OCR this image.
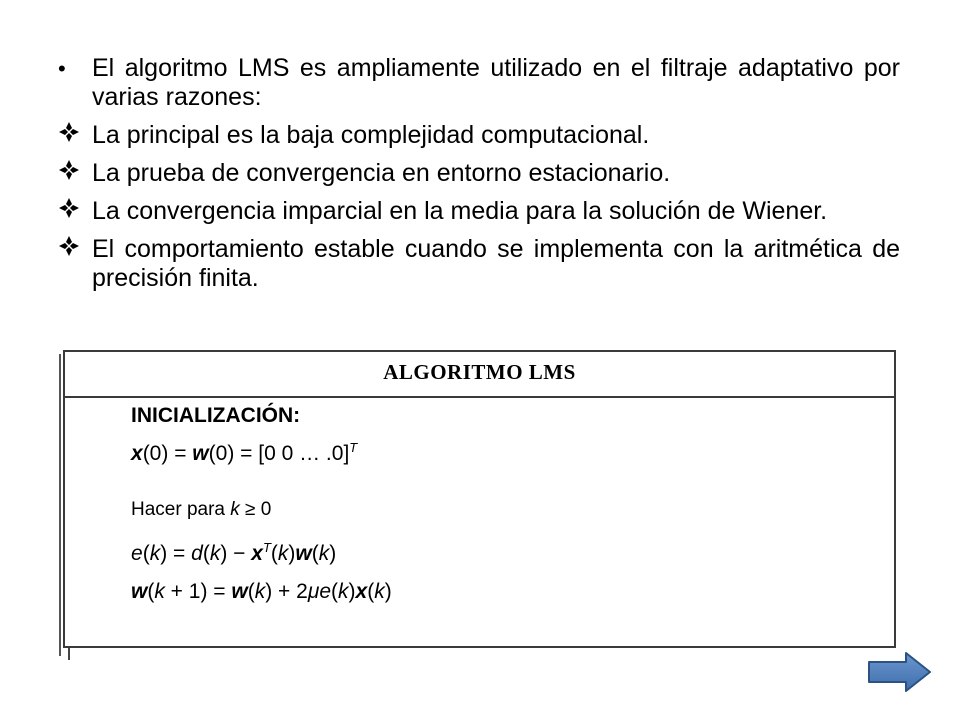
• El algoritmo LMS es ampliamente utilizado en el filtraje adaptativo por varias razones:
La principal es la baja complejidad computacional.
La prueba de convergencia en entorno estacionario.
La convergencia imparcial en la media para la solución de Wiener.
El comportamiento estable cuando se implementa con la aritmética de precisión finita.
ALGORITMO LMS
INICIALIZACIÓN:
x(0) = w(0) = [0 0 … .0]$^T$
Hacer para k ≥ 0
$e(k) = d(k) - x^T(k)w(k)$
w(k + 1) = w(k) + 2μe(k)x(k)
